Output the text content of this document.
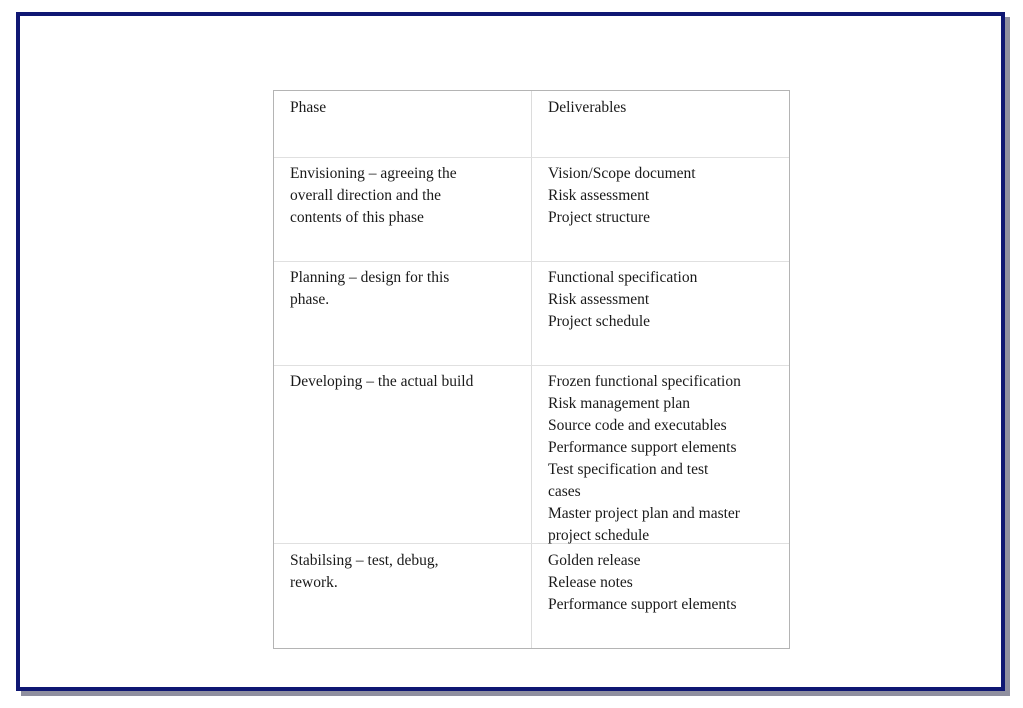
Phase	Deliverables
Envisioning – agreeing the
overall direction and the
contents of this phase
Vision/Scope document
Risk assessment
Project structure
Planning – design for this
phase.
Functional specification
Risk assessment
Project schedule
Developing – the actual build	Frozen functional specification
Risk management plan
Source code and executables
Performance support elements
Test specification and test
cases
Master project plan and master
project schedule
Stabilsing – test, debug,
rework.
Golden release
Release notes
Performance support elements
